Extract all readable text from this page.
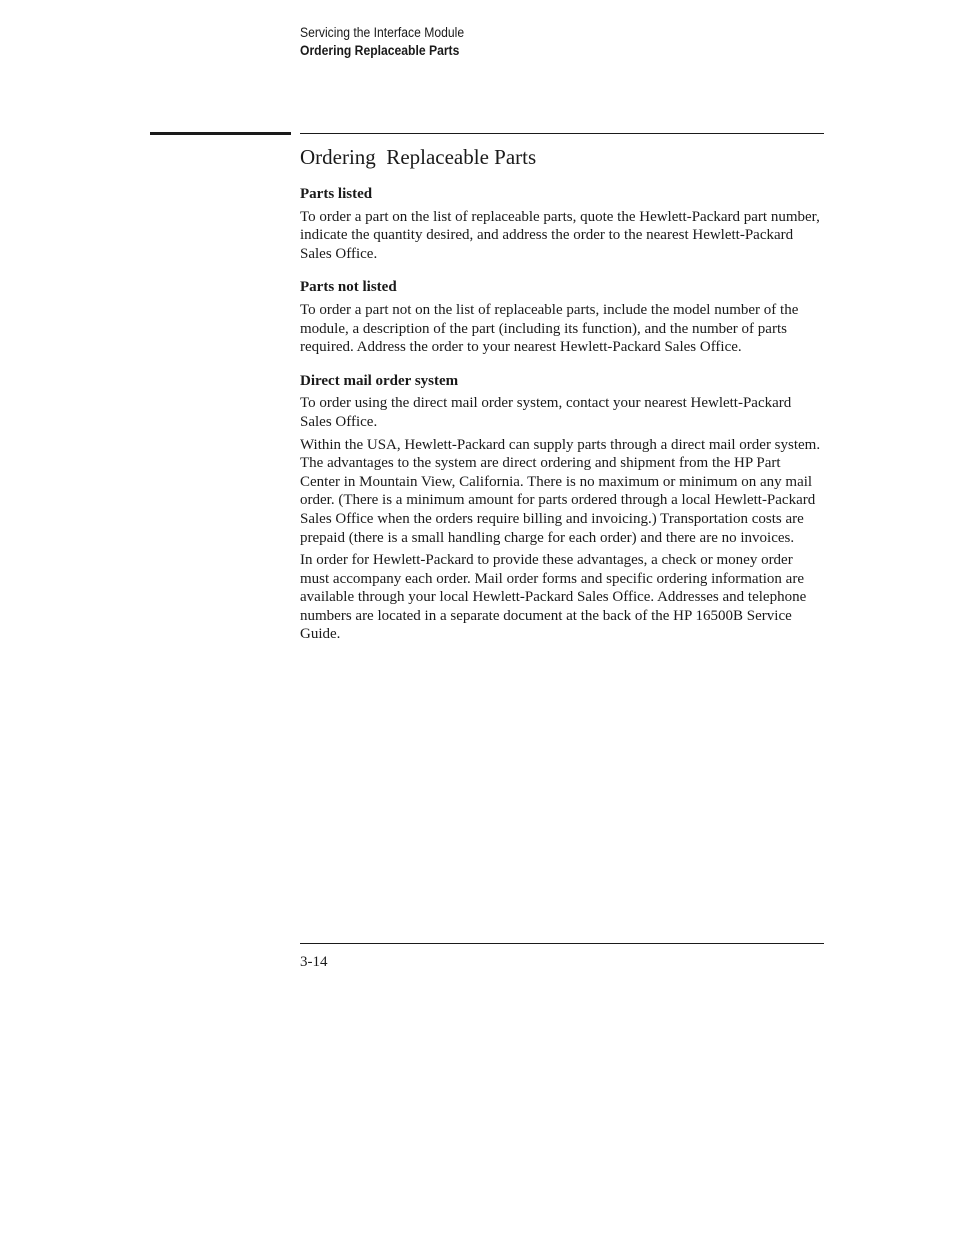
Servicing the Interface Module
Ordering Replaceable Parts
Ordering  Replaceable Parts
Parts listed

To order a part on the list of replaceable parts, quote the Hewlett-Packard part number, indicate the quantity desired, and address the order to the nearest Hewlett-Packard Sales Office.

Parts not listed

To order a part not on the list of replaceable parts, include the model number of the module, a description of the part (including its function), and the number of parts required. Address the order to your nearest Hewlett-Packard Sales Office.

Direct mail order system

To order using the direct mail order system, contact your nearest Hewlett-Packard Sales Office.

Within the USA, Hewlett-Packard can supply parts through a direct mail order system. The advantages to the system are direct ordering and shipment from the HP Part Center in Mountain View, California. There is no maximum or minimum on any mail order. (There is a minimum amount for parts ordered through a local Hewlett-Packard Sales Office when the orders require billing and invoicing.) Transportation costs are prepaid (there is a small handling charge for each order) and there are no invoices.

In order for Hewlett-Packard to provide these advantages, a check or money order must accompany each order. Mail order forms and specific ordering information are available through your local Hewlett-Packard Sales Office. Addresses and telephone numbers are located in a separate document at the back of the HP 16500B Service Guide.

3-14
